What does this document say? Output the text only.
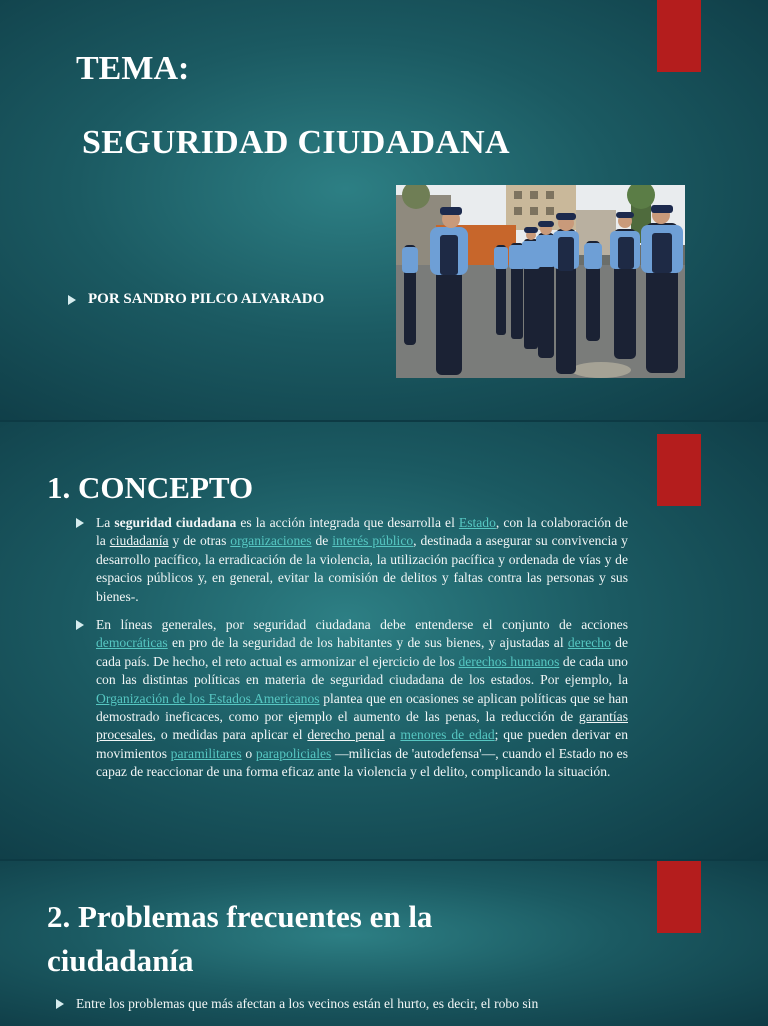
TEMA:
SEGURIDAD CIUDADANA
POR SANDRO PILCO ALVARADO
1. CONCEPTO
La seguridad ciudadana es la acción integrada que desarrolla el Estado, con la colaboración de la ciudadanía y de otras organizaciones de interés público, destinada a asegurar su convivencia y desarrollo pacífico, la erradicación de la violencia, la utilización pacífica y ordenada de vías y de espacios públicos y, en general, evitar la comisión de delitos y faltas contra las personas y sus bienes-.
En líneas generales, por seguridad ciudadana debe entenderse el conjunto de acciones democráticas en pro de la seguridad de los habitantes y de sus bienes, y ajustadas al derecho de cada país. De hecho, el reto actual es armonizar el ejercicio de los derechos humanos de cada uno con las distintas políticas en materia de seguridad ciudadana de los estados. Por ejemplo, la Organización de los Estados Americanos plantea que en ocasiones se aplican políticas que se han demostrado ineficaces, como por ejemplo el aumento de las penas, la reducción de garantías procesales, o medidas para aplicar el derecho penal a menores de edad; que pueden derivar en movimientos paramilitares o parapoliciales —milicias de 'autodefensa'—, cuando el Estado no es capaz de reaccionar de una forma eficaz ante la violencia y el delito, complicando la situación.
2. Problemas frecuentes en la
ciudadanía
Entre los problemas que más afectan a los vecinos están el hurto, es decir, el robo sin
